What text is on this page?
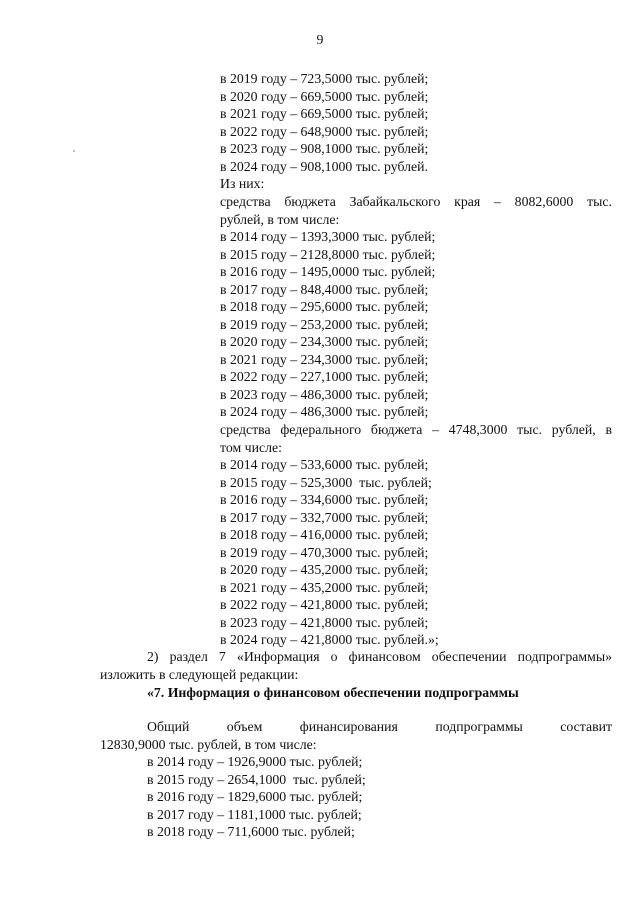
9
в 2019 году – 723,5000 тыс. рублей;
в 2020 году – 669,5000 тыс. рублей;
в 2021 году – 669,5000 тыс. рублей;
в 2022 году – 648,9000 тыс. рублей;
в 2023 году – 908,1000 тыс. рублей;
в 2024 году – 908,1000 тыс. рублей.
Из них:
средства бюджета Забайкальского края – 8082,6000 тыс.
рублей, в том числе:
в 2014 году – 1393,3000 тыс. рублей;
в 2015 году – 2128,8000 тыс. рублей;
в 2016 году – 1495,0000 тыс. рублей;
в 2017 году – 848,4000 тыс. рублей;
в 2018 году – 295,6000 тыс. рублей;
в 2019 году – 253,2000 тыс. рублей;
в 2020 году – 234,3000 тыс. рублей;
в 2021 году – 234,3000 тыс. рублей;
в 2022 году – 227,1000 тыс. рублей;
в 2023 году – 486,3000 тыс. рублей;
в 2024 году – 486,3000 тыс. рублей;
средства федерального бюджета – 4748,3000 тыс. рублей, в
том числе:
в 2014 году – 533,6000 тыс. рублей;
в 2015 году – 525,3000  тыс. рублей;
в 2016 году – 334,6000 тыс. рублей;
в 2017 году – 332,7000 тыс. рублей;
в 2018 году – 416,0000 тыс. рублей;
в 2019 году – 470,3000 тыс. рублей;
в 2020 году – 435,2000 тыс. рублей;
в 2021 году – 435,2000 тыс. рублей;
в 2022 году – 421,8000 тыс. рублей;
в 2023 году – 421,8000 тыс. рублей;
в 2024 году – 421,8000 тыс. рублей.»;
2) раздел 7 «Информация о финансовом обеспечении подпрограммы»
изложить в следующей редакции:
«7. Информация о финансовом обеспечении подпрограммы
Общий объем финансирования подпрограммы составит
12830,9000 тыс. рублей, в том числе:
в 2014 году – 1926,9000 тыс. рублей;
в 2015 году – 2654,1000  тыс. рублей;
в 2016 году – 1829,6000 тыс. рублей;
в 2017 году – 1181,1000 тыс. рублей;
в 2018 году – 711,6000 тыс. рублей;
